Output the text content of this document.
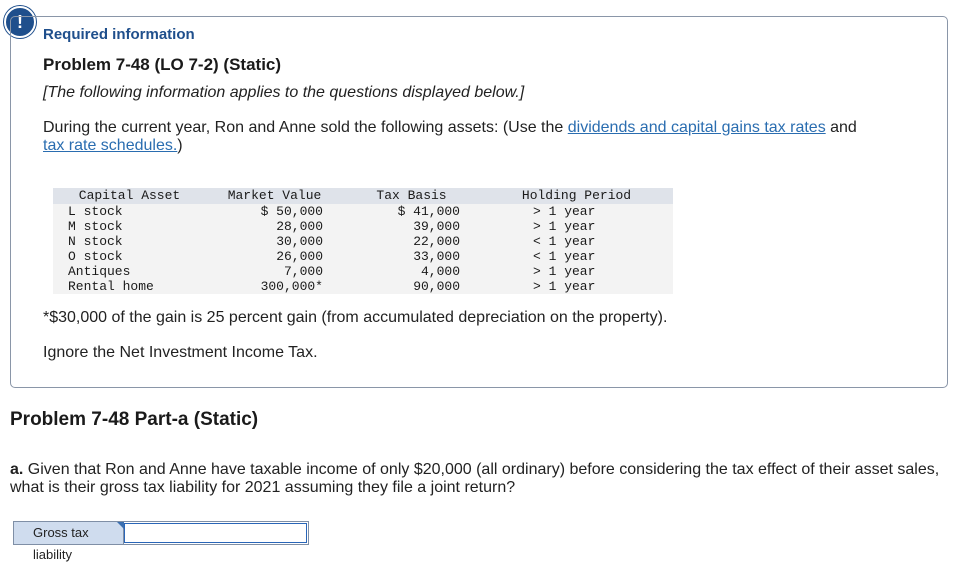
!

Required information

Problem 7-48 (LO 7-2) (Static)

[The following information applies to the questions displayed below.]

During the current year, Ron and Anne sold the following assets: (Use the dividends and capital gains tax rates and tax rate schedules.)

Capital Asset	Market Value	Tax Basis	Holding Period
L stock	$ 50,000	$ 41,000	> 1 year
M stock	28,000	39,000	> 1 year
N stock	30,000	22,000	< 1 year
O stock	26,000	33,000	< 1 year
Antiques	7,000	4,000	> 1 year
Rental home	300,000*	90,000	> 1 year

*$30,000 of the gain is 25 percent gain (from accumulated depreciation on the property).

Ignore the Net Investment Income Tax.

Problem 7-48 Part-a (Static)

a. Given that Ron and Anne have taxable income of only $20,000 (all ordinary) before considering the tax effect of their asset sales, what is their gross tax liability for 2021 assuming they file a joint return?

Gross tax liability
